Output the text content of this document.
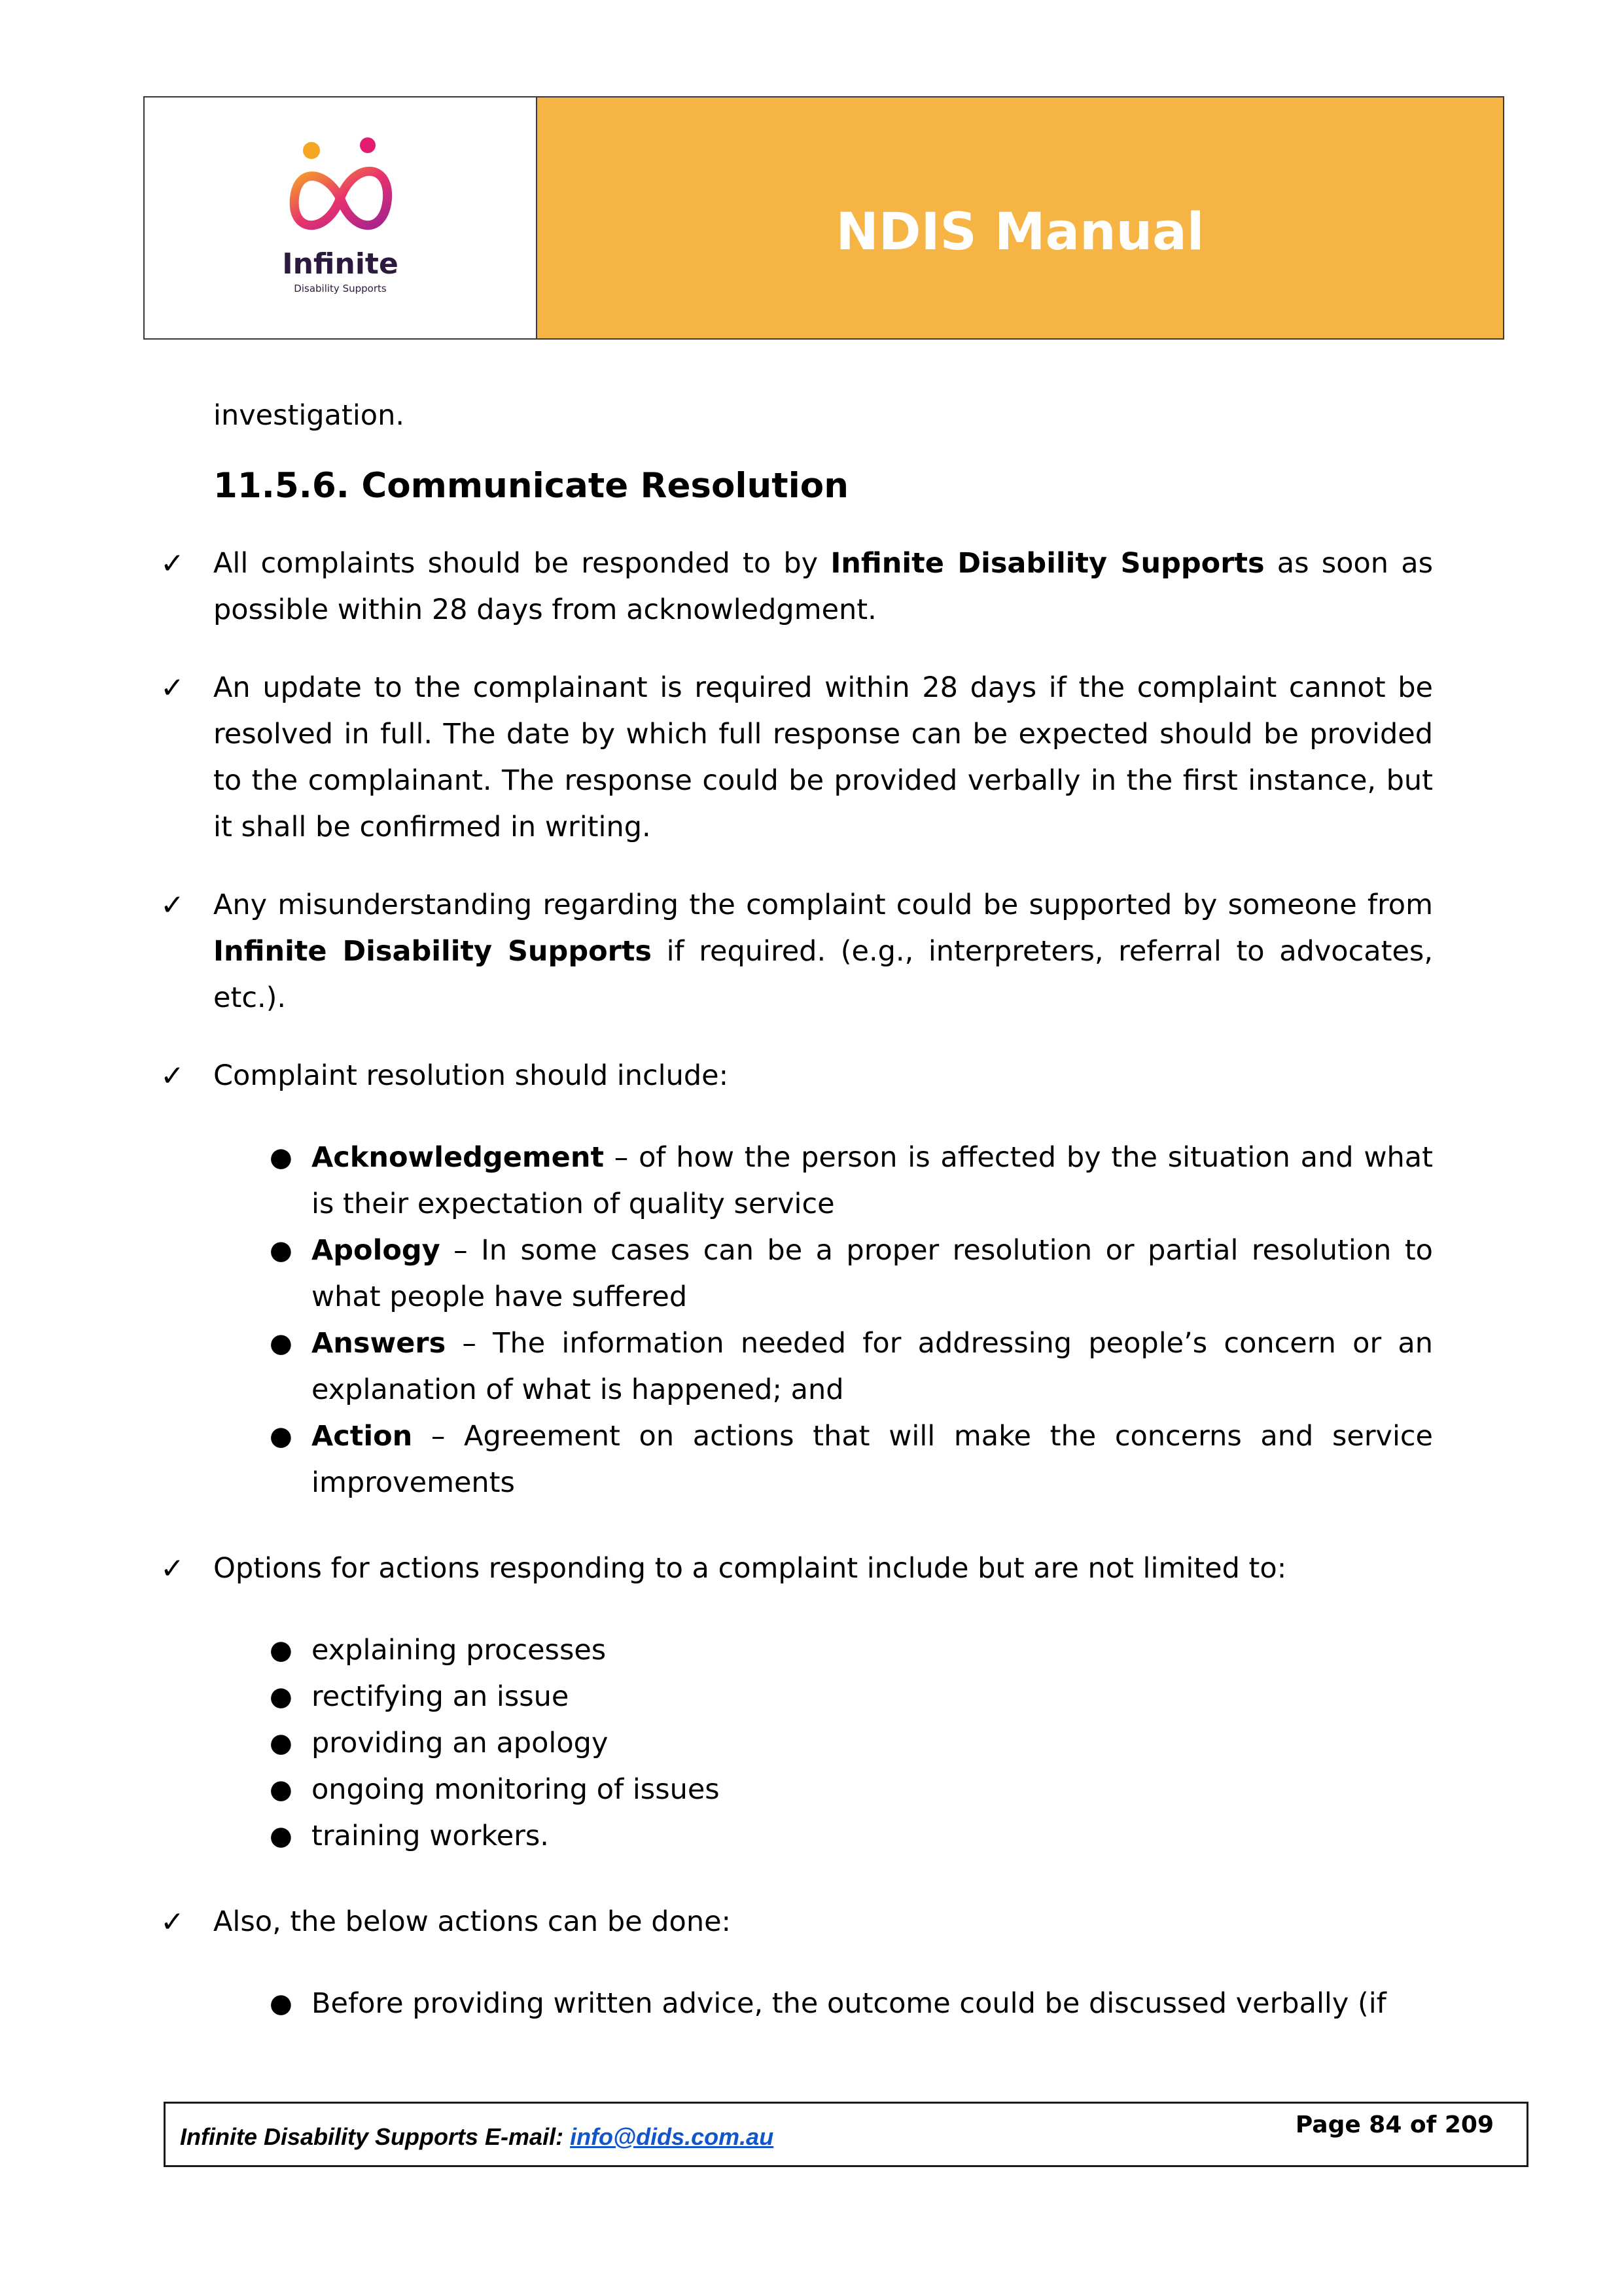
Infinite
Disability Supports
NDIS Manual
investigation.
11.5.6. Communicate Resolution
✓ All complaints should be responded to by Infinite Disability Supports as soon as possible within 28 days from acknowledgment.
✓ An update to the complainant is required within 28 days if the complaint cannot be resolved in full. The date by which full response can be expected should be provided to the complainant. The response could be provided verbally in the first instance, but it shall be confirmed in writing.
✓ Any misunderstanding regarding the complaint could be supported by someone from Infinite Disability Supports if required. (e.g., interpreters, referral to advocates, etc.).
✓ Complaint resolution should include:
● Acknowledgement – of how the person is affected by the situation and what is their expectation of quality service
● Apology – In some cases can be a proper resolution or partial resolution to what people have suffered
● Answers – The information needed for addressing people’s concern or an explanation of what is happened; and
● Action – Agreement on actions that will make the concerns and service improvements
✓ Options for actions responding to a complaint include but are not limited to:
● explaining processes
● rectifying an issue
● providing an apology
● ongoing monitoring of issues
● training workers.
✓ Also, the below actions can be done:
● Before providing written advice, the outcome could be discussed verbally (if
Infinite Disability Supports E-mail: info@dids.com.au	Page 84 of 209
